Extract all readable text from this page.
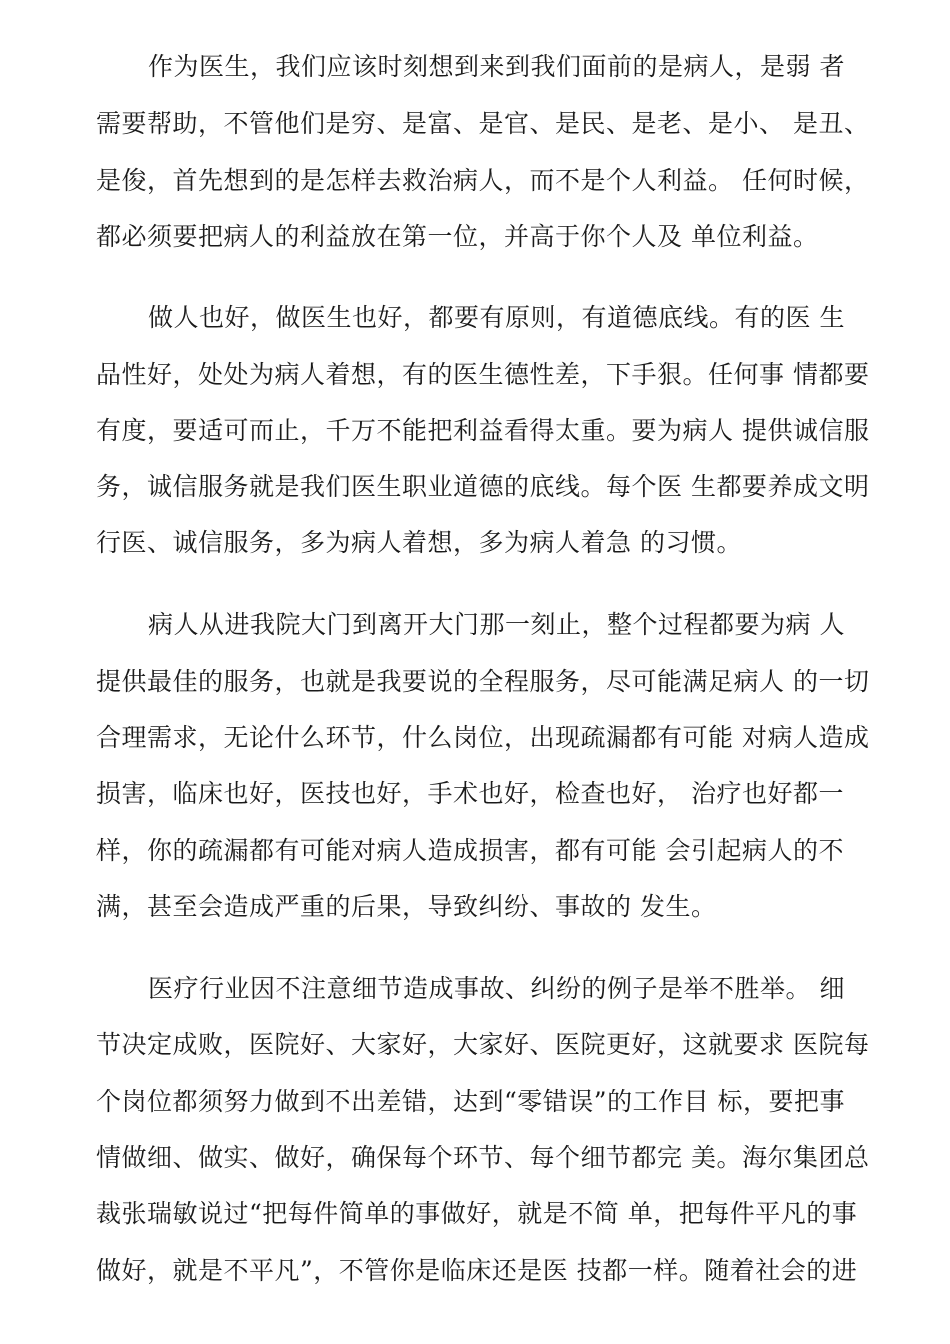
作为医生，我们应该时刻想到来到我们面前的是病人，是弱 者
需要帮助，不管他们是穷、是富、是官、是民、是老、是小、 是丑、
是俊，首先想到的是怎样去救治病人，而不是个人利益。 任何时候，
都必须要把病人的利益放在第一位，并高于你个人及 单位利益。
做人也好，做医生也好，都要有原则，有道德底线。有的医 生
品性好，处处为病人着想，有的医生德性差，下手狠。任何事 情都要
有度，要适可而止，千万不能把利益看得太重。要为病人 提供诚信服
务，诚信服务就是我们医生职业道德的底线。每个医 生都要养成文明
行医、诚信服务，多为病人着想，多为病人着急 的习惯。
病人从进我院大门到离开大门那一刻止，整个过程都要为病 人
提供最佳的服务，也就是我要说的全程服务，尽可能满足病人 的一切
合理需求，无论什么环节，什么岗位，出现疏漏都有可能 对病人造成
损害，临床也好，医技也好，手术也好，检查也好， 治疗也好都一
样，你的疏漏都有可能对病人造成损害，都有可能 会引起病人的不
满，甚至会造成严重的后果，导致纠纷、事故的 发生。
医疗行业因不注意细节造成事故、纠纷的例子是举不胜举。 细
节决定成败，医院好、大家好，大家好、医院更好，这就要求 医院每
个岗位都须努力做到不出差错，达到“零错误”的工作目 标，要把事
情做细、做实、做好，确保每个环节、每个细节都完 美。海尔集团总
裁张瑞敏说过“把每件简单的事做好，就是不简 单，把每件平凡的事
做好，就是不平凡”，不管你是临床还是医 技都一样。随着社会的进
